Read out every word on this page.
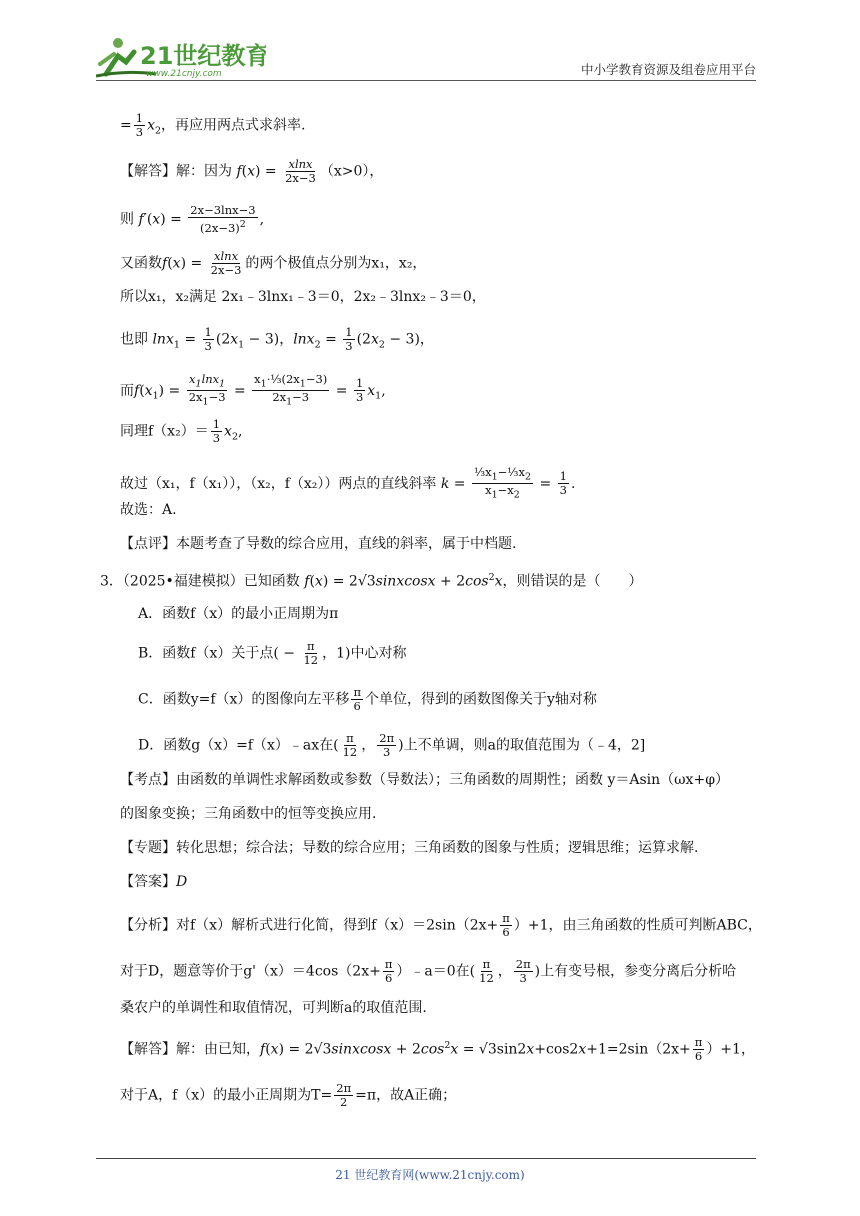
21世纪教育
www.21cnjy.com	中小学教育资源及组卷应用平台
= $\frac{1}{3} x_2$，再应用两点式求斜率.
【解答】解：因为 $f(x) = \frac{xlnx}{2x-3} (x>0)$，
则 $f'(x) = \frac{2x-3\ln x-3}{(2x-3)^2}$ ,
又函数$f(x) = \frac{xlnx}{2x-3}$ 的两个极值点分别为x₁，x₂，
所以x₁，x₂满足 2x₁﹣3lnx₁﹣3＝0，2x₂﹣3lnx₂﹣3＝0，
也即 $\ln x_1 = \frac{1}{3} (2x_1 - 3)$，$\ln x_2 = \frac{1}{3} (2x_2 - 3)$，
而$f(x_1) = \frac{x_1\ln x_1}{2x_1-3} = \frac{x_1\cdot\frac{1}{3}(2x_1-3)}{2x_1-3} = \frac{1}{3} x_1$,
同理$f(x_2)= \frac{1}{3} x_2$,
故过（x₁，f（x₁）），（x₂，f（x₂））两点的直线斜率 $k = \frac{\frac{1}{3}x_1-\frac{1}{3}x_2}{x_1-x_2} = \frac{1}{3}$ .
故选：A.
【点评】本题考查了导数的综合应用，直线的斜率，属于中档题.
3．（2025•福建模拟）已知函数 f(x) = 2√3sinxcosx + $2\cos^2x$，则错误的是（　　）
A．函数f（x）的最小正周期为π
B．函数f（x）关于点( − $\frac{\pi}{12}$ ，1)中心对称
C．函数y=f（x）的图像向左平移 $\frac{\pi}{6}$ 个单位，得到的函数图像关于y轴对称
D．函数g（x）=f（x）﹣ax在( $\frac{\pi}{12}$ ， $\frac{2\pi}{3}$ )上不单调，则a的取值范围为（﹣4，2]
【考点】由函数的单调性求解函数或参数（导数法）；三角函数的周期性；函数 y＝Asin（ωx+φ）
的图象变换；三角函数中的恒等变换应用.
【专题】转化思想；综合法；导数的综合应用；三角函数的图象与性质；逻辑思维；运算求解.
【答案】D
【分析】对f（x）解析式进行化简，得到$f(x)=2\sin(2x+ \frac{\pi}{6} )+1$，由三角函数的性质可判断ABC，
对于D，题意等价于$g'(x)=4\cos(2x+ \frac{\pi}{6}$ ）﹣a＝0在( $\frac{\pi}{12}$ ， $\frac{2\pi}{3}$ )上有变号根，参变分离后分析哈
桑农户的单调性和取值情况，可判断a的取值范围.
【解答】解：由已知，f(x) = 2√3sinxcosx + $2\cos^2x = √3\sin 2x+\cos 2x+1=2\sin(2x+ \frac{\pi}{6} )+1$，
对于A，f（x）的最小正周期为$T= \frac{2\pi}{2} =\pi$，故A正确；
21 世纪教育网(www.21cnjy.com)
